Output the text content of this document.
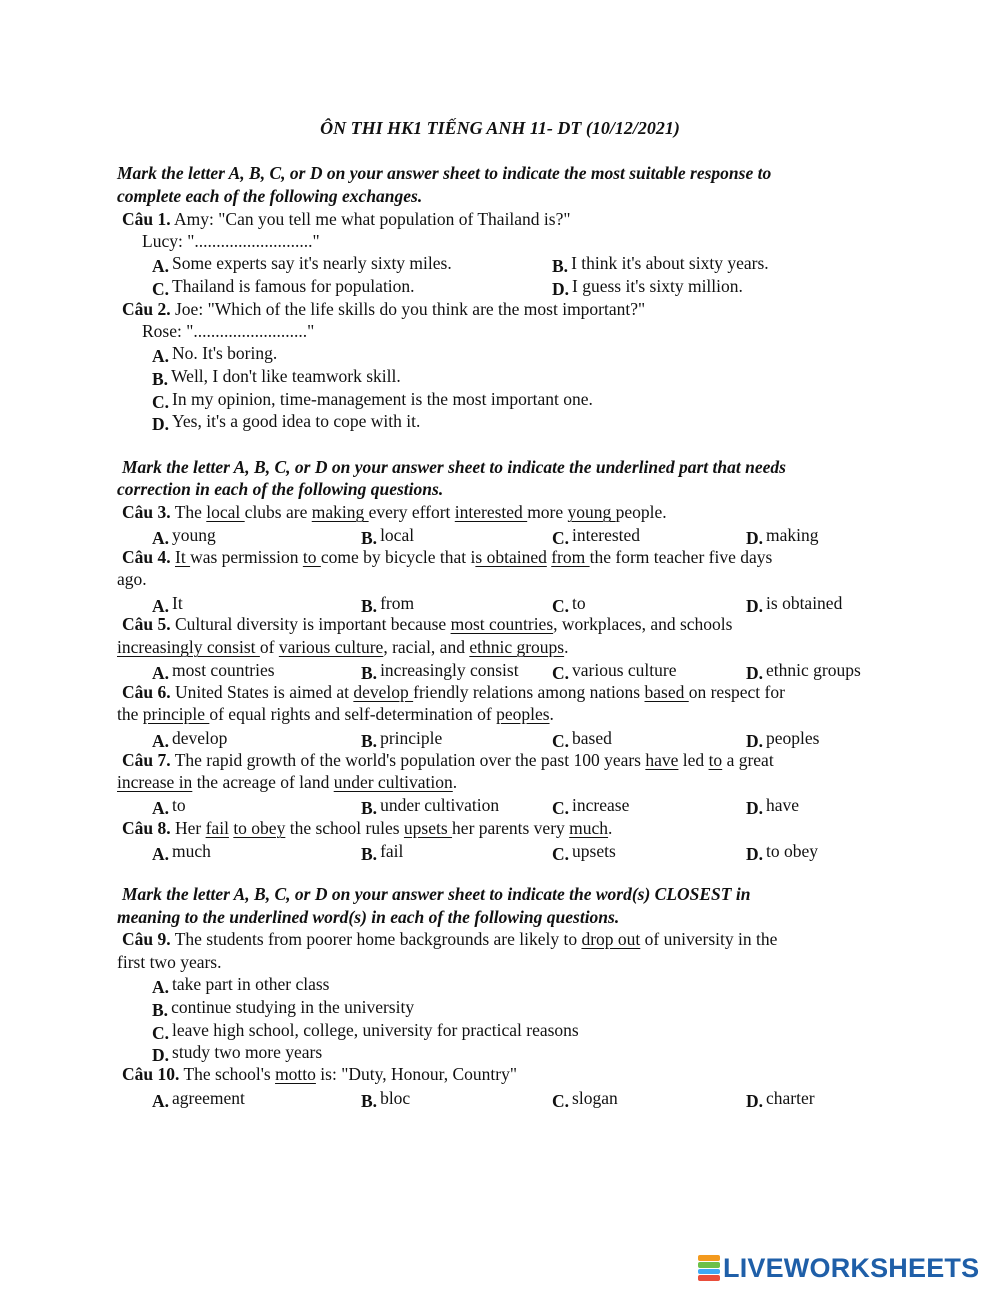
ÔN THI HK1 TIẾNG ANH 11- DT (10/12/2021)
Mark the letter A, B, C, or D on your answer sheet to indicate the most suitable response to
complete each of the following exchanges.
Câu 1. Amy: "Can you tell me what population of Thailand is?"
Lucy: "..........................."
A. Some experts say it's nearly sixty miles.	B. I think it's about sixty years.
C. Thailand is famous for population.	D. I guess it's sixty million.
Câu 2. Joe: "Which of the life skills do you think are the most important?"
Rose: ".........................."
A. No. It's boring.
B. Well, I don't like teamwork skill.
C. In my opinion, time-management is the most important one.
D. Yes, it's a good idea to cope with it.
Mark the letter A, B, C, or D on your answer sheet to indicate the underlined part that needs
correction in each of the following questions.
Câu 3. The local clubs are making every effort interested more young people.
A. young	B. local	C. interested	D. making
Câu 4. It was permission to come by bicycle that is obtained from the form teacher five days
ago.
A. It	B. from	C. to	D. is obtained
Câu 5. Cultural diversity is important because most countries, workplaces, and schools
increasingly consist of various culture, racial, and ethnic groups.
A. most countries	B. increasingly consist C. various culture	D. ethnic groups
Câu 6. United States is aimed at develop friendly relations among nations based on respect for
the principle of equal rights and self-determination of peoples.
A. develop	B. principle	C. based	D. peoples
Câu 7. The rapid growth of the world's population over the past 100 years have led to a great
increase in the acreage of land under cultivation.
A. to	B. under cultivation	C. increase	D. have
Câu 8. Her fail to obey the school rules upsets her parents very much.
A. much	B. fail	C. upsets	D. to obey
Mark the letter A, B, C, or D on your answer sheet to indicate the word(s) CLOSEST in
meaning to the underlined word(s) in each of the following questions.
Câu 9. The students from poorer home backgrounds are likely to drop out of university in the
first two years.
A. take part in other class
B. continue studying in the university
C. leave high school, college, university for practical reasons
D. study two more years
Câu 10. The school's motto is: "Duty, Honour, Country"
A. agreement	B. bloc	C. slogan	D. charter
LIVEWORKSHEETS
